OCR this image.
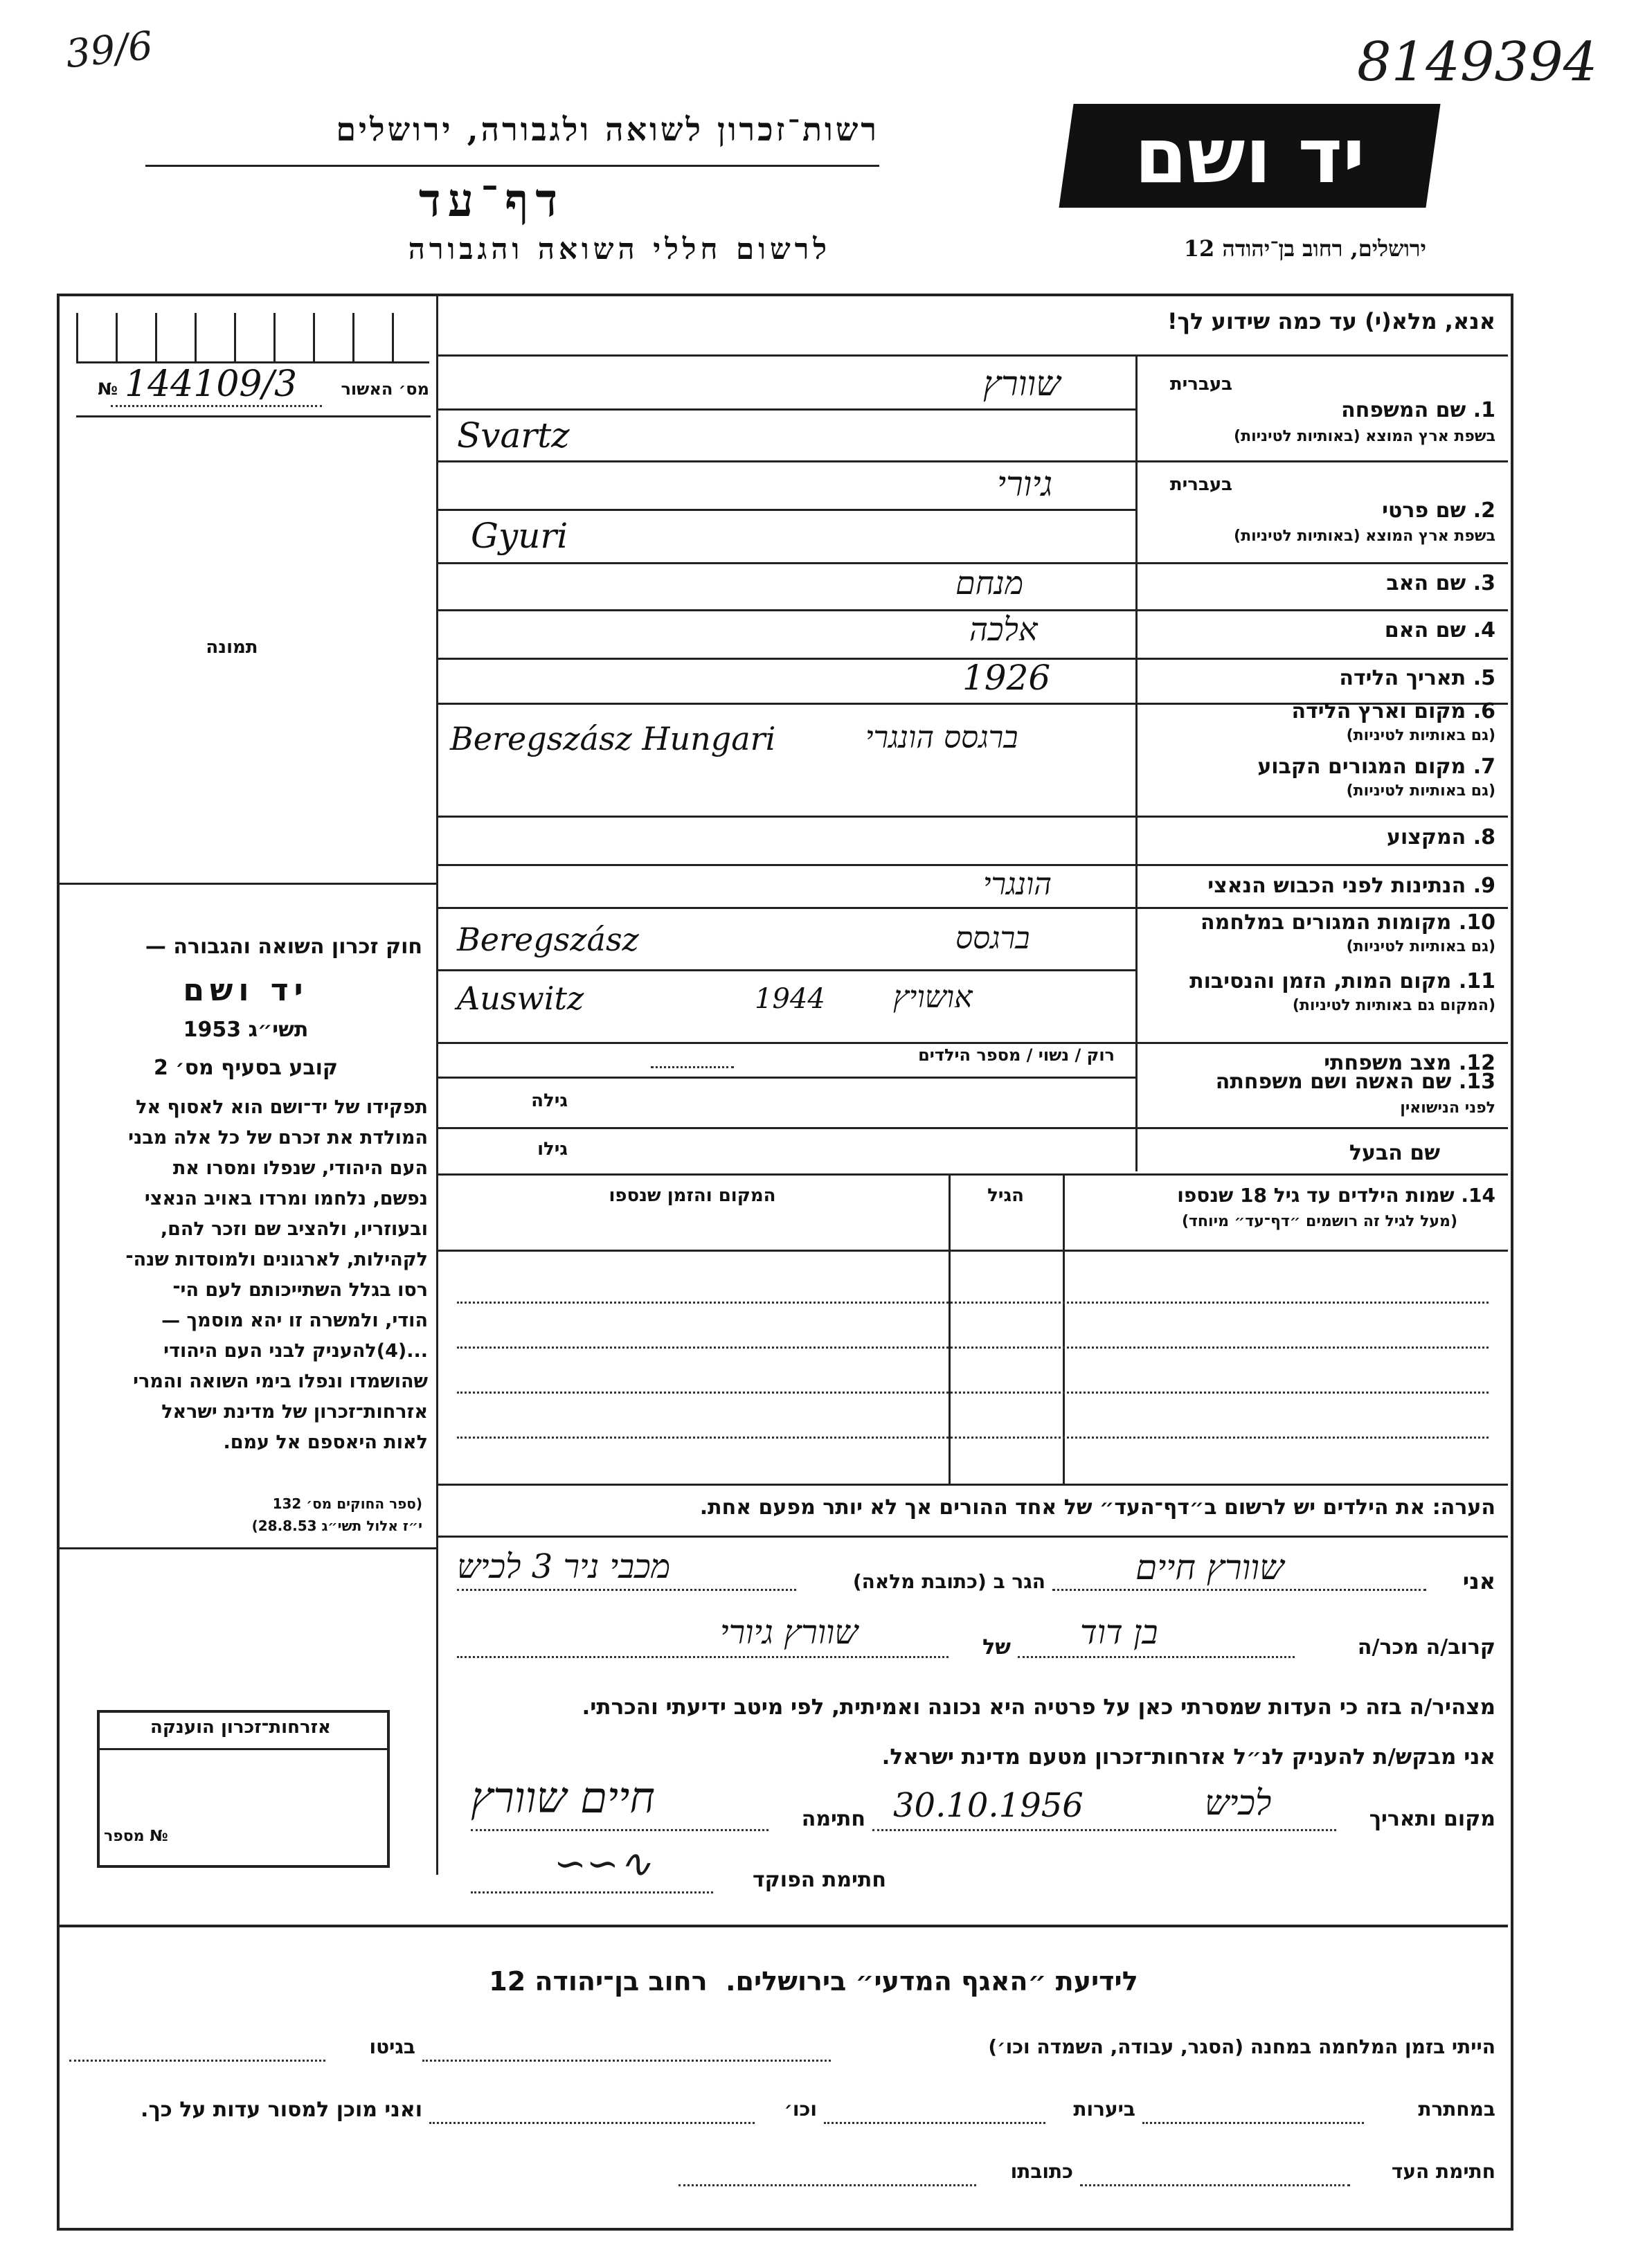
39/6	8149394
רשות־זכרון לשואה ולגבורה, ירושלים
דף־עד
לרשום חללי השואה והגבורה
יד ושם
ירושלים, רחוב בן־יהודה 12
מס׳ האשור
№ 144109/3
תמונה
חוק זכרון השואה והגבורה —
יד ושם
תשי״ג 1953
קובע בסעיף מס׳ 2
תפקידו של יד־ושם הוא לאסוף אל
המולדת את זכרם של כל אלה מבני
העם היהודי, שנפלו ומסרו את
נפשם, נלחמו ומרדו באויב הנאצי
ובעוזריו, ולהציב שם וזכר להם,
לקהילות, לארגונים ולמוסדות שנה־
רסו בגלל השתייכותם לעם הי־
הודי, ולמשרה זו יהא מוסמך —
...(4)להעניק לבני העם היהודי
שהושמדו ונפלו בימי השואה והמרי
אזרחות־זכרון של מדינת ישראל
לאות היאספם אל עמם.
(ספר החוקים מס׳ 132
י״ז אלול תשי״ג 28.8.53)
אנא, מלא(י) עד כמה שידוע לך!
בעברית
1. שם המשפחה
בשפת ארץ המוצא (באותיות לטיניות)
שוורץ
Svartz
בעברית
2. שם פרטי
בשפת ארץ המוצא (באותיות לטיניות)
גיורי
Gyuri
3. שם האב
מנחם
4. שם האם
אלכה
5. תאריך הלידה
1926
6. מקום וארץ הלידה
(גם באותיות לטיניות)
Beregszász Hungari	ברגסס הונגרי
7. מקום המגורים הקבוע
(גם באותיות לטיניות)
8. המקצוע
9. הנתינות לפני הכבוש הנאצי
הונגרי
10. מקומות המגורים במלחמה
(גם באותיות לטיניות)
Beregszász	ברגסס
11. מקום המות, הזמן והנסיבות
(המקום גם באותיות לטיניות)
Auswitz	1944 אושויץ
12. מצב משפחתי
רוק / נשוי / מספר הילדים
13. שם האשה ושם משפחתה
לפני הנישואין
גילה
שם הבעל
גילו
14. שמות הילדים עד גיל 18 שנספו
(מעל לגיל זה רושמים ״דף־עד״ מיוחד)
הגיל
המקום והזמן שנספו
הערה: את הילדים יש לרשום ב״דף־העד״ של אחד ההורים אך לא יותר מפעם אחת.
אני
שוורץ חיים
הגר ב (כתובת מלאה)
מכבי ניר 3 לכיש
קרוב/ה מכר/ה
בן דוד
של
שוורץ גיורי
מצהיר/ה בזה כי העדות שמסרתי כאן על פרטיה היא נכונה ואמיתית, לפי מיטב ידיעתי והכרתי.
אני מבקש/ת להעניק לנ״ל אזרחות־זכרון מטעם מדינת ישראל.
מקום ותאריך
לכיש
30.10.1956
חתימה
חיים שוורץ
חתימת הפוקד
∽∽∿
אזרחות־זכרון הוענקה
מספר №
לידיעת ״האגף המדעי״ בירושלים.  רחוב בן־יהודה 12
הייתי בזמן המלחמה במחנה (הסגר, עבודה, השמדה וכו׳)
בגיטו
במחתרת
ביערות
וכו׳
ואני מוכן למסור עדות על כך.
חתימת העד
כתובתו
